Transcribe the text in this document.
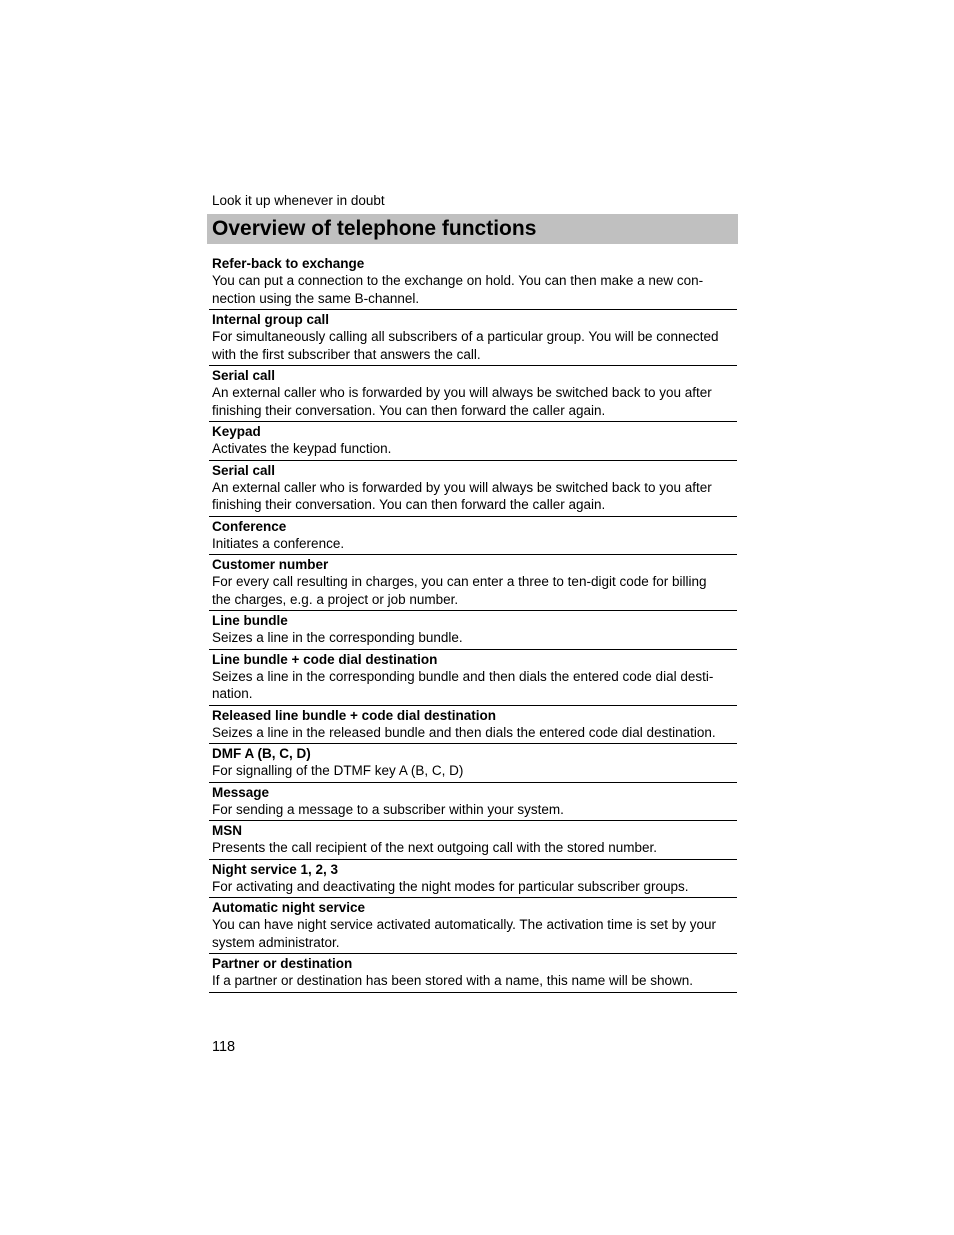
Look it up whenever in doubt
Overview of telephone functions
Refer-back to exchange
You can put a connection to the exchange on hold. You can then make a new con-
nection using the same B-channel.
Internal group call
For simultaneously calling all subscribers of a particular group. You will be connected
with the first subscriber that answers the call.
Serial call
An external caller who is forwarded by you will always be switched back to you after
finishing their conversation. You can then forward the caller again.
Keypad
Activates the keypad function.
Serial call
An external caller who is forwarded by you will always be switched back to you after
finishing their conversation. You can then forward the caller again.
Conference
Initiates a conference.
Customer number
For every call resulting in charges, you can enter a three to ten-digit code for billing
the charges, e.g. a project or job number.
Line bundle
Seizes a line in the corresponding bundle.
Line bundle + code dial destination
Seizes a line in the corresponding bundle and then dials the entered code dial desti-
nation.
Released line bundle + code dial destination
Seizes a line in the released bundle and then dials the entered code dial destination.
DMF A (B, C, D)
For signalling of the DTMF key A (B, C, D)
Message
For sending a message to a subscriber within your system.
MSN
Presents the call recipient of the next outgoing call with the stored number.
Night service 1, 2, 3
For activating and deactivating the night modes for particular subscriber groups.
Automatic night service
You can have night service activated automatically. The activation time is set by your
system administrator.
Partner or destination
If a partner or destination has been stored with a name, this name will be shown.
118
